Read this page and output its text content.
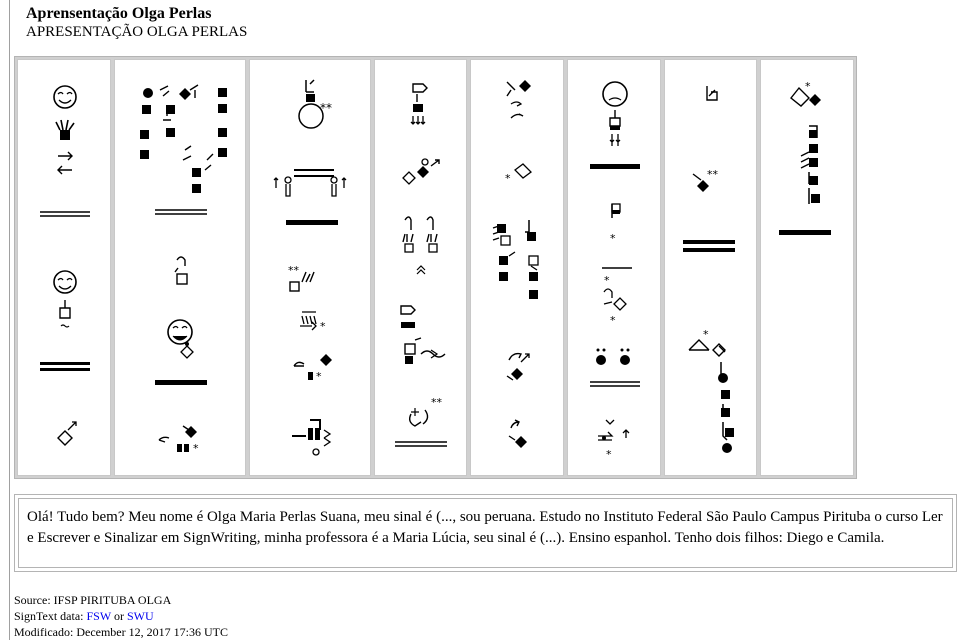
Aprensentação Olga Perlas
APRESENTAÇÃO OLGA PERLAS
*
**
**
*
*
**
*
*
*
*
*
**
*
*
Olá! Tudo bem? Meu nome é Olga Maria Perlas Suana, meu sinal é (..., sou peruana. Estudo no Instituto Federal São Paulo Campus Pirituba o curso Ler e Escrever e Sinalizar em SignWriting, minha professora é a Maria Lúcia, seu sinal é (...). Ensino espanhol. Tenho dois filhos: Diego e Camila.
Source: IFSP PIRITUBA OLGA
SignText data: FSW or SWU
Modificado: December 12, 2017 17:36 UTC
